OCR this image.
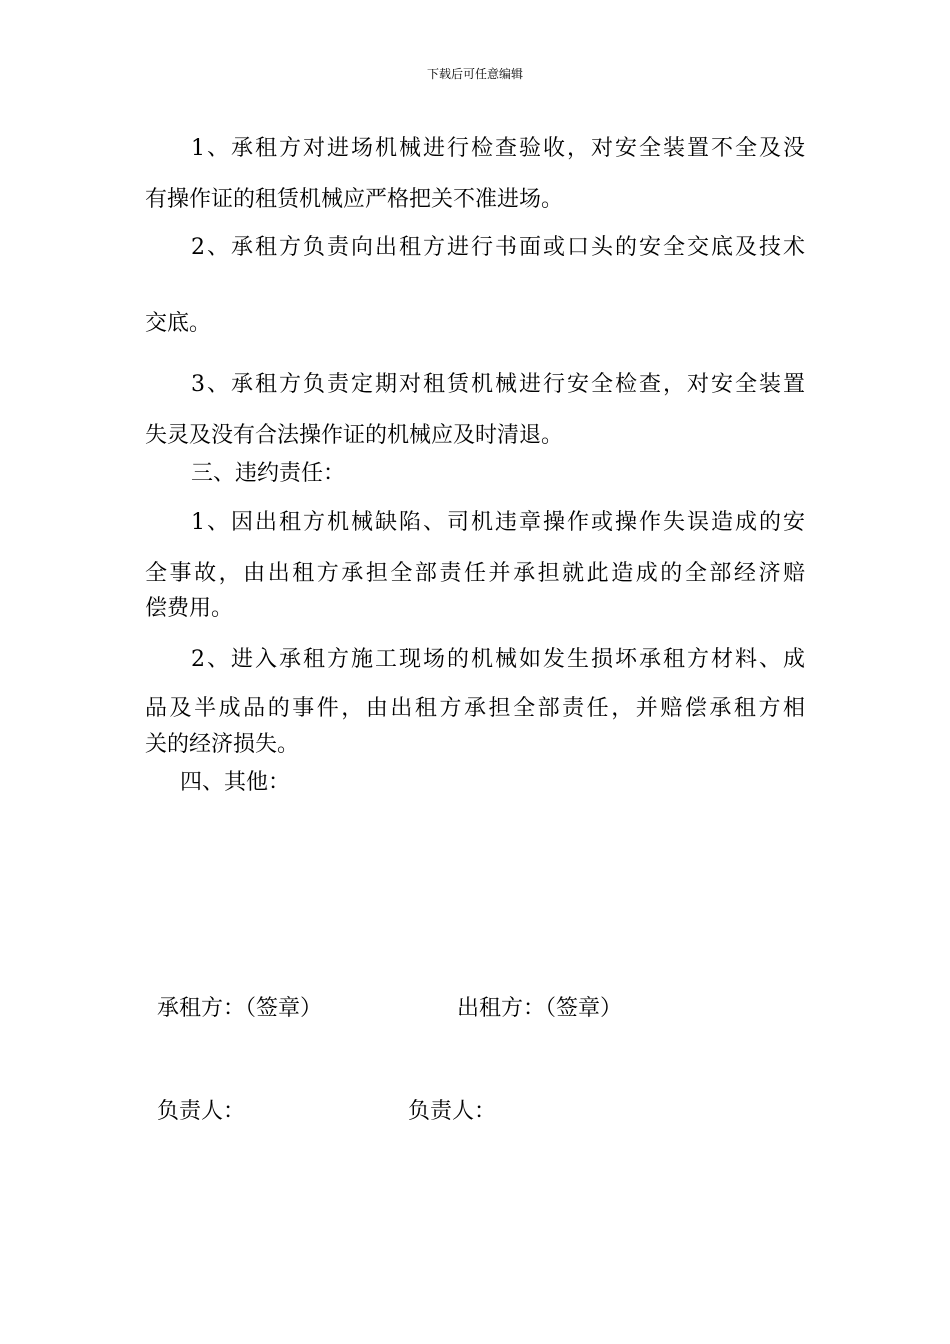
下载后可任意编辑
1、承租方对进场机械进行检查验收，对安全装置不全及没
有操作证的租赁机械应严格把关不准进场。
2、承租方负责向出租方进行书面或口头的安全交底及技术
交底。
3、承租方负责定期对租赁机械进行安全检查，对安全装置
失灵及没有合法操作证的机械应及时清退。
三、违约责任：
1、因出租方机械缺陷、司机违章操作或操作失误造成的安
全事故，由出租方承担全部责任并承担就此造成的全部经济赔
偿费用。
2、进入承租方施工现场的机械如发生损坏承租方材料、成
品及半成品的事件，由出租方承担全部责任，并赔偿承租方相
关的经济损失。
四、其他：
承租方：（签章）	出租方：（签章）
负责人：	负责人：
